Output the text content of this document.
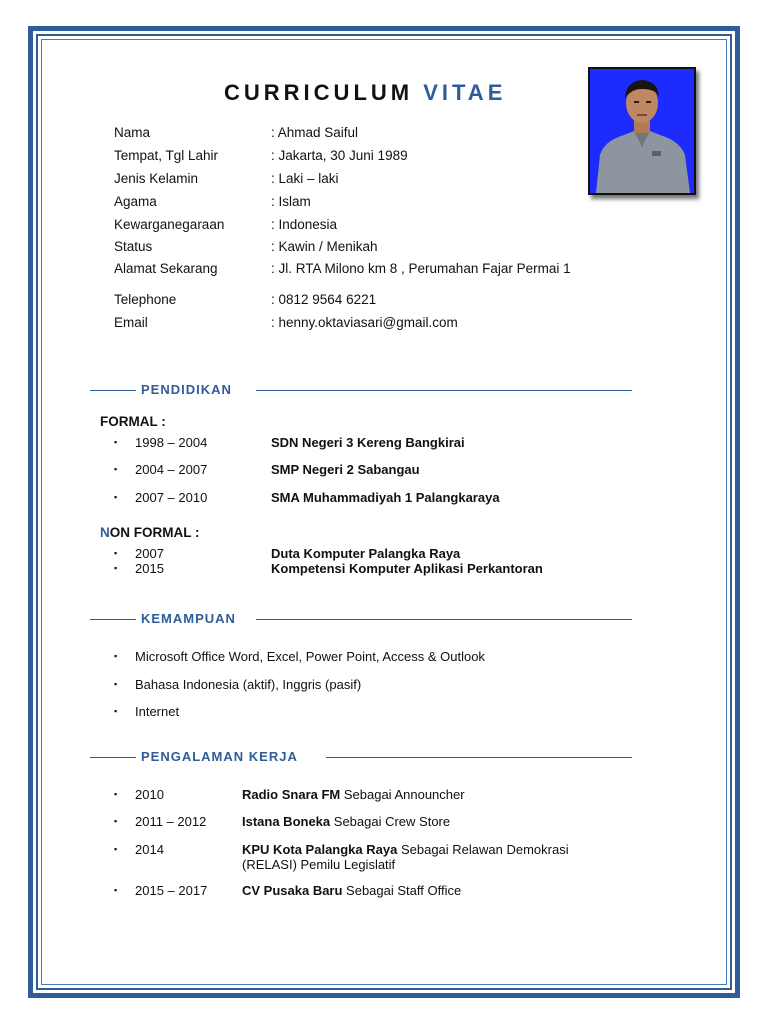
CURRICULUM VITAE
Nama	: Ahmad Saiful
Tempat, Tgl Lahir	: Jakarta, 30 Juni 1989
Jenis Kelamin	: Laki – laki
Agama	: Islam
Kewarganegaraan	: Indonesia
Status	: Kawin / Menikah
Alamat Sekarang	: Jl. RTA Milono km 8 , Perumahan Fajar Permai 1
Telephone	: 0812 9564 6221
Email	: henny.oktaviasari@gmail.com
PENDIDIKAN
FORMAL :
▪ 1998 – 2004	SDN Negeri 3 Kereng Bangkirai
▪ 2004 – 2007	SMP Negeri 2 Sabangau
▪ 2007 – 2010	SMA Muhammadiyah 1 Palangkaraya
NON FORMAL :
▪ 2007	Duta Komputer Palangka Raya
▪ 2015	Kompetensi Komputer Aplikasi Perkantoran
KEMAMPUAN
▪ Microsoft Office Word, Excel, Power Point, Access & Outlook
▪ Bahasa Indonesia (aktif), Inggris (pasif)
▪ Internet
PENGALAMAN KERJA
▪ 2010	Radio Snara FM Sebagai Announcher
▪ 2011 – 2012	Istana Boneka Sebagai Crew Store
▪ 2014	KPU Kota Palangka Raya Sebagai Relawan Demokrasi
(RELASI) Pemilu Legislatif
▪ 2015 – 2017	CV Pusaka Baru Sebagai Staff Office
